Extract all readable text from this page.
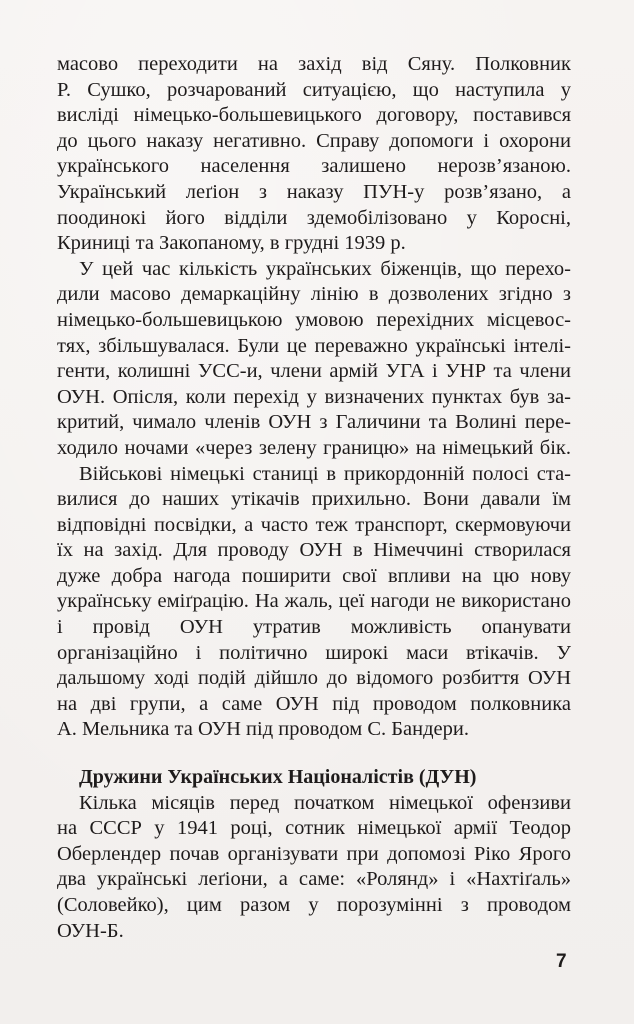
масово переходити на захід від Сяну. Полковник
Р. Сушко, розчарований ситуацією, що наступила у
висліді німецько-большевицького договору, поставився
до цього наказу негативно. Справу допомоги і охорони
українського населення залишено нерозв’язаною.
Український леґіон з наказу ПУН-у розв’язано, а
поодинокі його відділи здемобілізовано у Коросні,
Криниці та Закопаному, в грудні 1939 р.
У цей час кількість українських біженців, що перехо-
дили масово демаркаційну лінію в дозволених згідно з
німецько-большевицькою умовою перехідних місцевос-
тях, збільшувалася. Були це переважно українські інтелі-
генти, колишні УСС-и, члени армій УГА і УНР та члени
ОУН. Опісля, коли перехід у визначених пунктах був за-
критий, чимало членів ОУН з Галичини та Волині пере-
ходило ночами «через зелену границю» на німецький бік.
Військові німецькі станиці в прикордонній полосі ста-
вилися до наших утікачів прихильно. Вони давали їм
відповідні посвідки, а часто теж транспорт, скермовуючи
їх на захід. Для проводу ОУН в Німеччині створилася
дуже добра нагода поширити свої впливи на цю нову
українську еміґрацію. На жаль, цеї нагоди не використано
і провід ОУН утратив можливість опанувати
організаційно і політично широкі маси втікачів. У
дальшому ході подій дійшло до відомого розбиття ОУН
на дві групи, а саме ОУН під проводом полковника
А. Мельника та ОУН під проводом С. Бандери.
Дружини Українських Націоналістів (ДУН)
Кілька місяців перед початком німецької офензиви
на СССР у 1941 році, сотник німецької армії Теодор
Оберлендер почав організувати при допомозі Ріко Ярого
два українські леґіони, а саме: «Ролянд» і «Нахтіґаль»
(Соловейко), цим разом у порозумінні з проводом
ОУН-Б.
7
